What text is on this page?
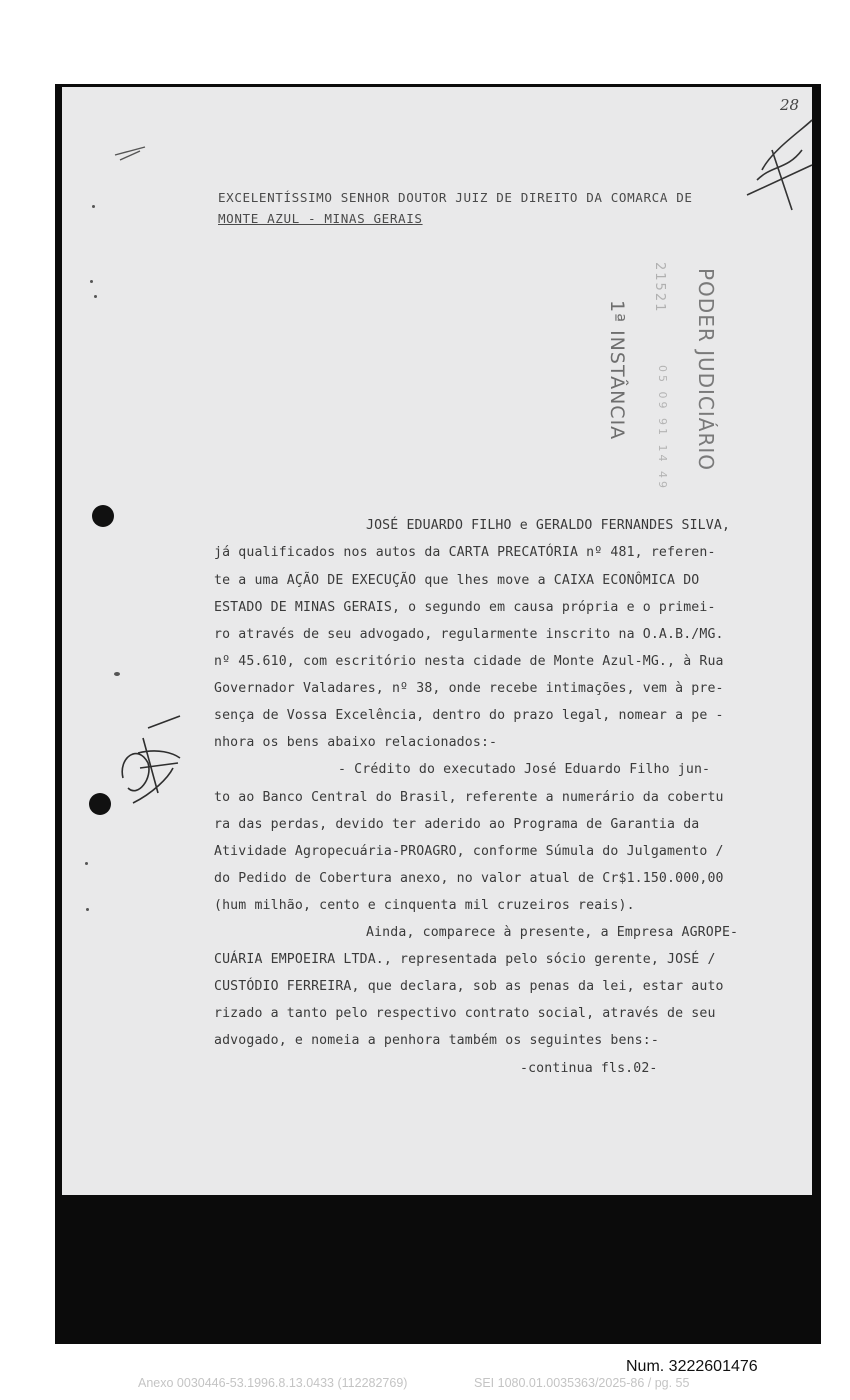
28
EXCELENTÍSSIMO SENHOR DOUTOR JUIZ DE DIREITO DA COMARCA DE
MONTE AZUL - MINAS GERAIS
PODER JUDICIÁRIO
21521
05 09 91 14 49
1ª INSTÂNCIA
JOSÉ EDUARDO FILHO e GERALDO FERNANDES SILVA,
já qualificados nos autos da CARTA PRECATÓRIA nº 481, referen-
te a uma AÇÃO DE EXECUÇÃO que lhes move a CAIXA ECONÔMICA DO
ESTADO DE MINAS GERAIS, o segundo em causa própria e o primei-
ro através de seu advogado, regularmente inscrito na O.A.B./MG.
nº 45.610, com escritório nesta cidade de Monte Azul-MG., à Rua
Governador Valadares, nº 38, onde recebe intimações, vem à pre-
sença de Vossa Excelência, dentro do prazo legal, nomear a pe -
nhora os bens abaixo relacionados:-
- Crédito do executado José Eduardo Filho jun-
to ao Banco Central do Brasil, referente a numerário da cobertu
ra das perdas, devido ter aderido ao Programa de Garantia da
Atividade Agropecuária-PROAGRO, conforme Súmula do Julgamento /
do Pedido de Cobertura anexo, no valor atual de Cr$1.150.000,00
(hum milhão, cento e cinquenta mil cruzeiros reais).
Ainda, comparece à presente, a Empresa AGROPE-
CUÁRIA EMPOEIRA LTDA., representada pelo sócio gerente, JOSÉ /
CUSTÓDIO FERREIRA, que declara, sob as penas da lei, estar auto
rizado a tanto pelo respectivo contrato social, através de seu
advogado, e nomeia a penhora também os seguintes bens:-
-continua fls.02-
Num. 3222601476
Anexo 0030446-53.1996.8.13.0433 (112282769)	SEI 1080.01.0035363/2025-86 / pg. 55
